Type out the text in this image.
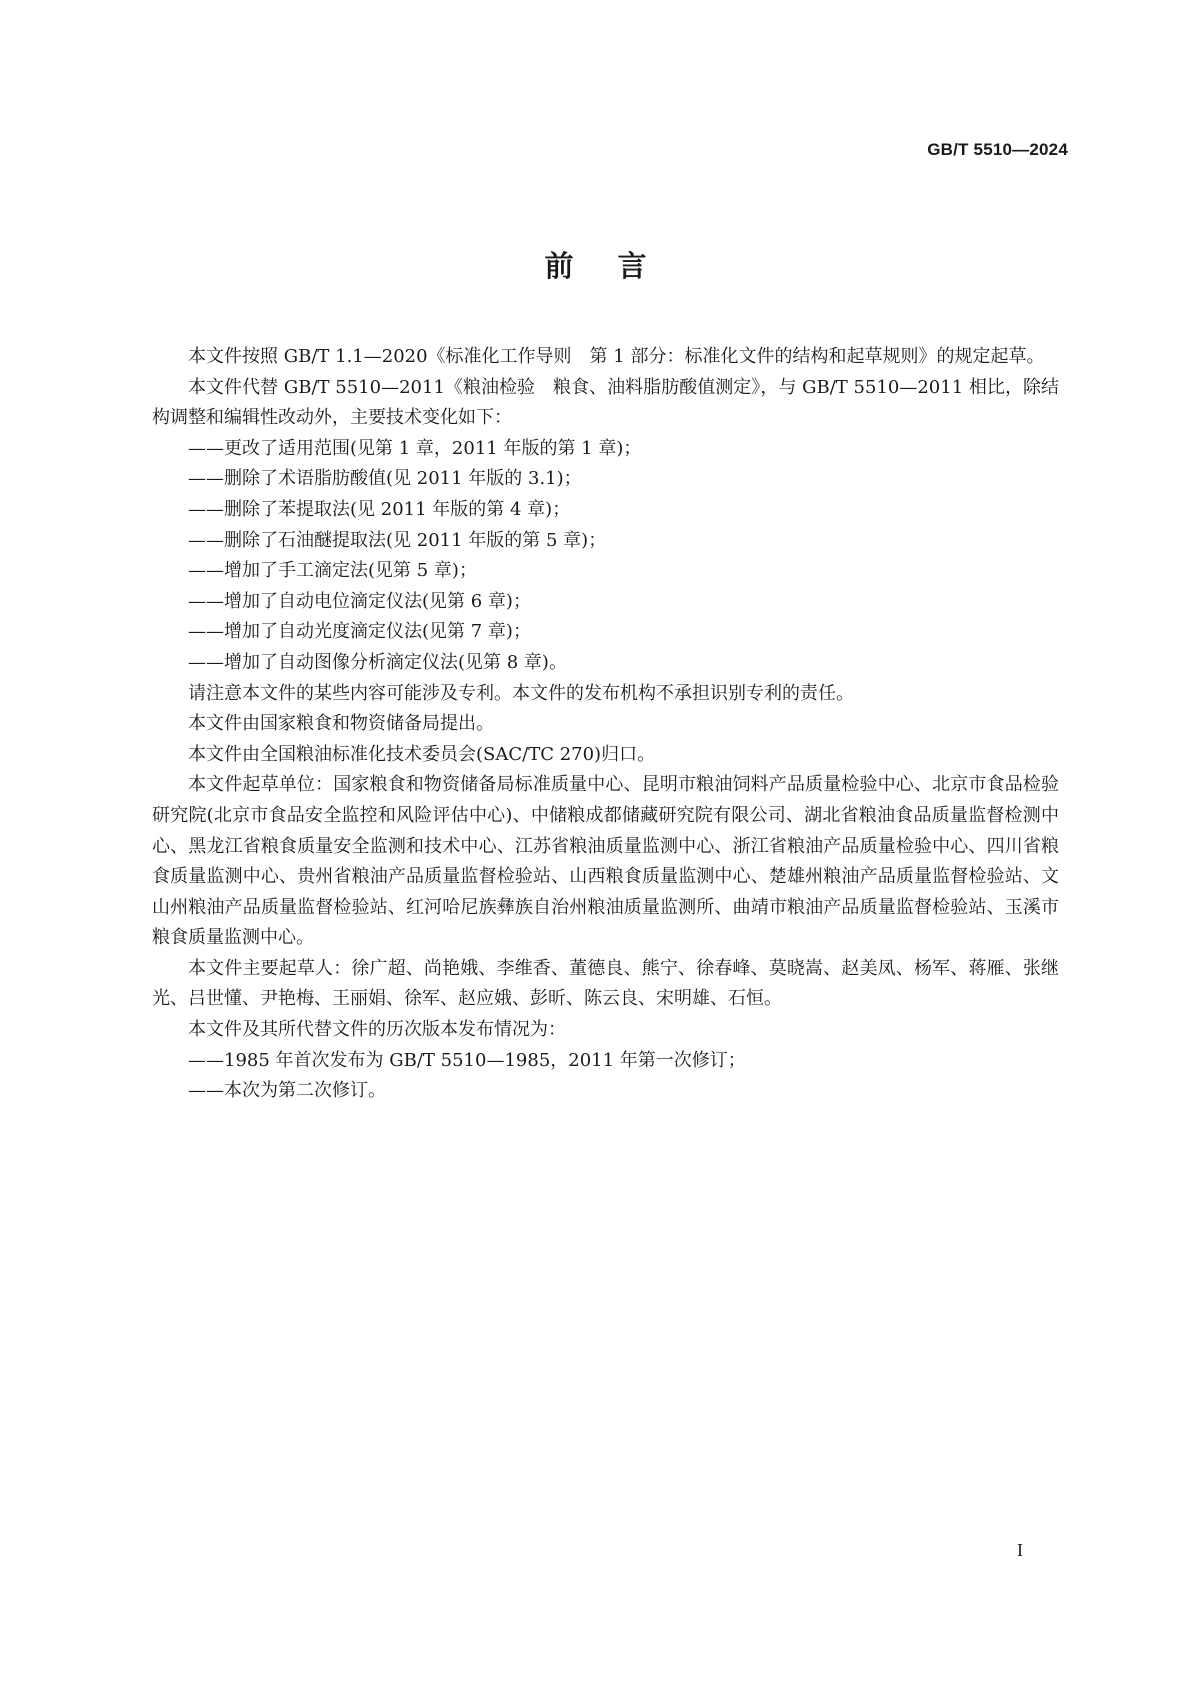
GB/T 5510—2024
前言

本文件按照 GB/T 1.1—2020《标准化工作导则　第 1 部分：标准化文件的结构和起草规则》的规定起草。

本文件代替 GB/T 5510—2011《粮油检验　粮食、油料脂肪酸值测定》，与 GB/T 5510—2011 相比，除结构调整和编辑性改动外，主要技术变化如下：

——更改了适用范围(见第 1 章，2011 年版的第 1 章)；

——删除了术语脂肪酸值(见 2011 年版的 3.1)；

——删除了苯提取法(见 2011 年版的第 4 章)；

——删除了石油醚提取法(见 2011 年版的第 5 章)；

——增加了手工滴定法(见第 5 章)；

——增加了自动电位滴定仪法(见第 6 章)；

——增加了自动光度滴定仪法(见第 7 章)；

——增加了自动图像分析滴定仪法(见第 8 章)。

请注意本文件的某些内容可能涉及专利。本文件的发布机构不承担识别专利的责任。

本文件由国家粮食和物资储备局提出。

本文件由全国粮油标准化技术委员会(SAC/TC 270)归口。

本文件起草单位：国家粮食和物资储备局标准质量中心、昆明市粮油饲料产品质量检验中心、北京市食品检验研究院(北京市食品安全监控和风险评估中心)、中储粮成都储藏研究院有限公司、湖北省粮油食品质量监督检测中心、黑龙江省粮食质量安全监测和技术中心、江苏省粮油质量监测中心、浙江省粮油产品质量检验中心、四川省粮食质量监测中心、贵州省粮油产品质量监督检验站、山西粮食质量监测中心、楚雄州粮油产品质量监督检验站、文山州粮油产品质量监督检验站、红河哈尼族彝族自治州粮油质量监测所、曲靖市粮油产品质量监督检验站、玉溪市粮食质量监测中心。

本文件主要起草人：徐广超、尚艳娥、李维香、董德良、熊宁、徐春峰、莫晓嵩、赵美凤、杨军、蒋雁、张继光、吕世懂、尹艳梅、王丽娟、徐军、赵应娥、彭昕、陈云良、宋明雄、石恒。

本文件及其所代替文件的历次版本发布情况为：

——1985 年首次发布为 GB/T 5510—1985，2011 年第一次修订；

——本次为第二次修订。

I
